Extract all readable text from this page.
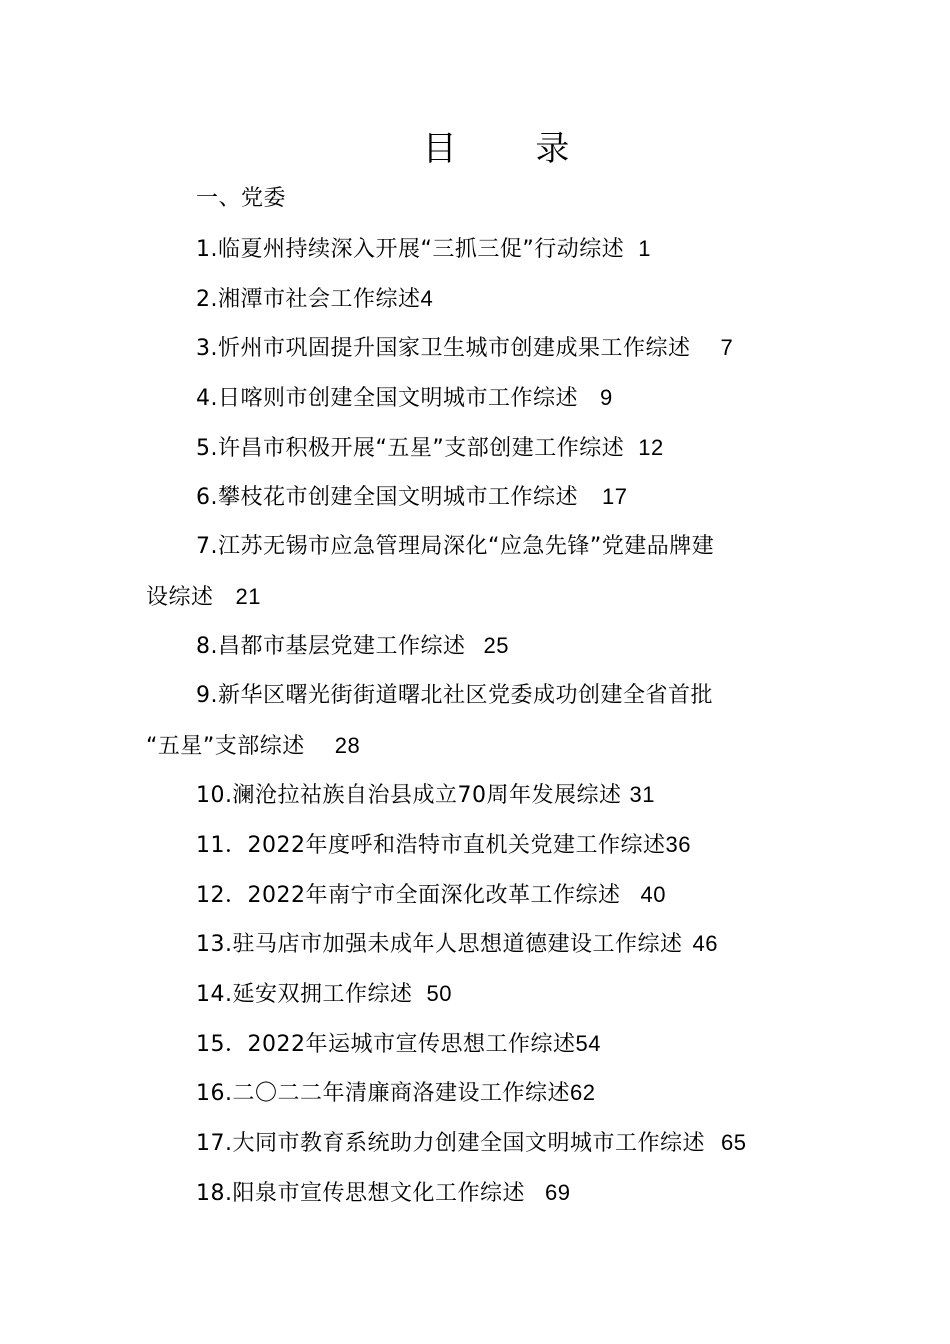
目 录
一、党委
1.临夏州持续深入开展“三抓三促”行动综述 1
2.湘潭市社会工作综述4
3.忻州市巩固提升国家卫生城市创建成果工作综述 7
4.日喀则市创建全国文明城市工作综述 9
5.许昌市积极开展“五星”支部创建工作综述 12
6.攀枝花市创建全国文明城市工作综述 17
7.江苏无锡市应急管理局深化“应急先锋”党建品牌建
设综述 21
8.昌都市基层党建工作综述 25
9.新华区曙光街街道曙北社区党委成功创建全省首批
“五星”支部综述 28
10.澜沧拉祜族自治县成立70周年发展综述 31
11．2022年度呼和浩特市直机关党建工作综述36
12．2022年南宁市全面深化改革工作综述 40
13.驻马店市加强未成年人思想道德建设工作综述 46
14.延安双拥工作综述 50
15．2022年运城市宣传思想工作综述54
16.二〇二二年清廉商洛建设工作综述62
17.大同市教育系统助力创建全国文明城市工作综述 65
18.阳泉市宣传思想文化工作综述 69
